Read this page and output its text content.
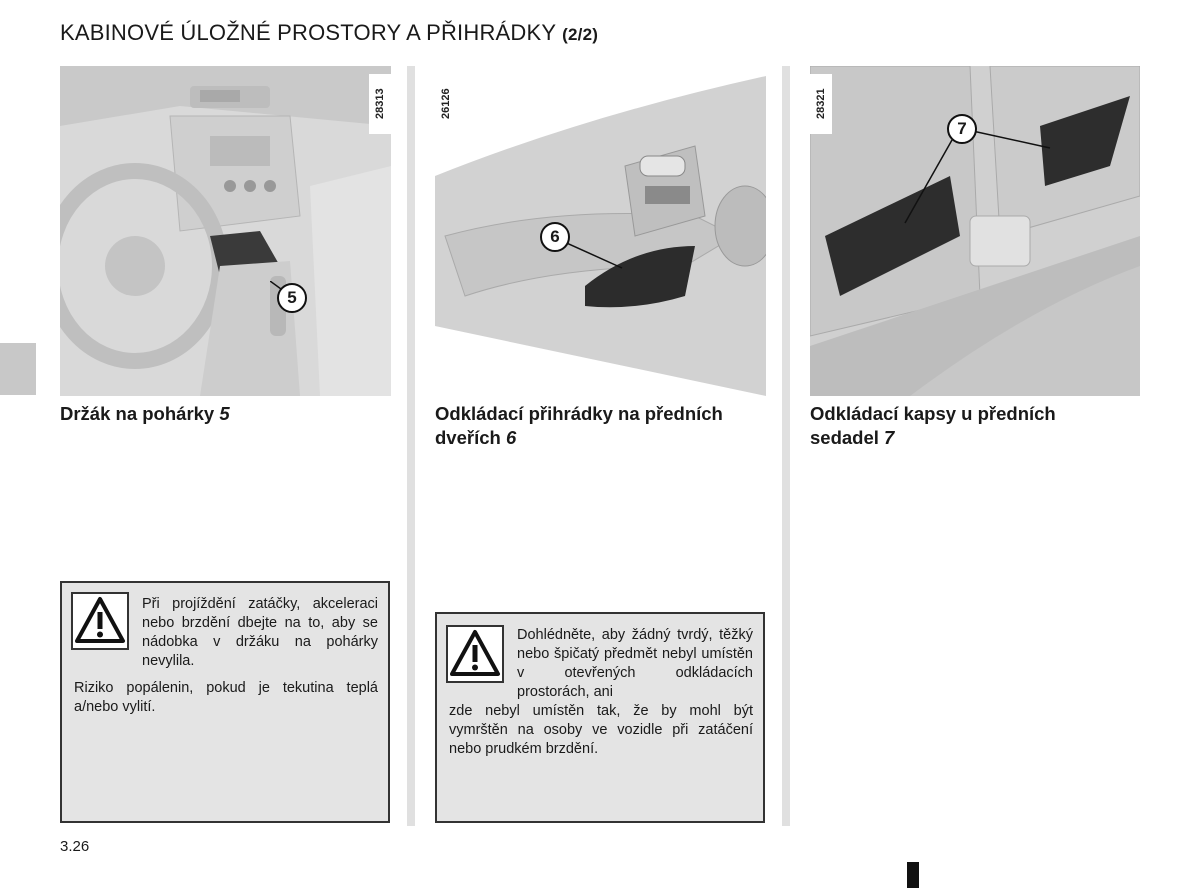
KABINOVÉ ÚLOŽNÉ PROSTORY A PŘIHRÁDKY (2/2)
28313
5
26126
6
28321
7
Držák na pohárky 5	Odkládací přihrádky na předních dveřích 6
Odkládací kapsy u předních sedadel 7
Při projíždění zatáčky, akceleraci nebo brzdění dbejte na to, aby se nádobka v držáku na pohárky nevylila.
Riziko popálenin, pokud je tekutina teplá a/nebo vylití.
Dohlédněte, aby žádný tvrdý, těžký nebo špičatý předmět nebyl umístěn v otevřených odkládacích prostorách, ani
zde nebyl umístěn tak, že by mohl být vymrštěn na osoby ve vozidle při zatáčení nebo prudkém brzdění.
3.26
